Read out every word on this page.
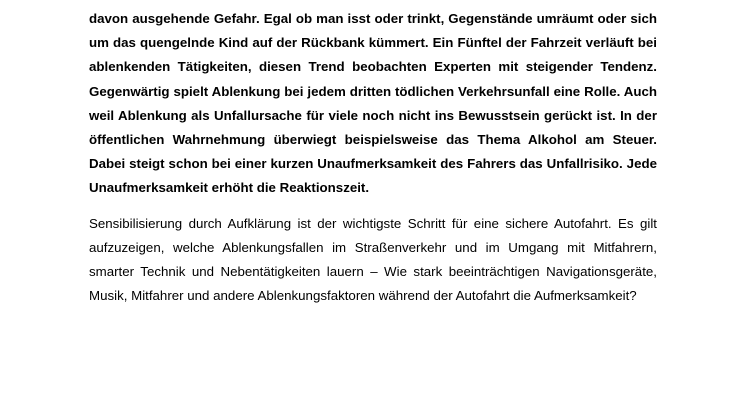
davon ausgehende Gefahr. Egal ob man isst oder trinkt, Gegenstände umräumt oder sich um das quengelnde Kind auf der Rückbank kümmert. Ein Fünftel der Fahrzeit verläuft bei ablenkenden Tätigkeiten, diesen Trend beobachten Experten mit steigender Tendenz. Gegenwärtig spielt Ablenkung bei jedem dritten tödlichen Verkehrsunfall eine Rolle. Auch weil Ablenkung als Unfallursache für viele noch nicht ins Bewusstsein gerückt ist. In der öffentlichen Wahrnehmung überwiegt beispielsweise das Thema Alkohol am Steuer. Dabei steigt schon bei einer kurzen Unaufmerksamkeit des Fahrers das Unfallrisiko. Jede Unaufmerksamkeit erhöht die Reaktionszeit.

Sensibilisierung durch Aufklärung ist der wichtigste Schritt für eine sichere Autofahrt. Es gilt aufzuzeigen, welche Ablenkungsfallen im Straßenverkehr und im Umgang mit Mitfahrern, smarter Technik und Nebentätigkeiten lauern – Wie stark beeinträchtigen Navigationsgeräte, Musik, Mitfahrer und andere Ablenkungsfaktoren während der Autofahrt die Aufmerksamkeit?
